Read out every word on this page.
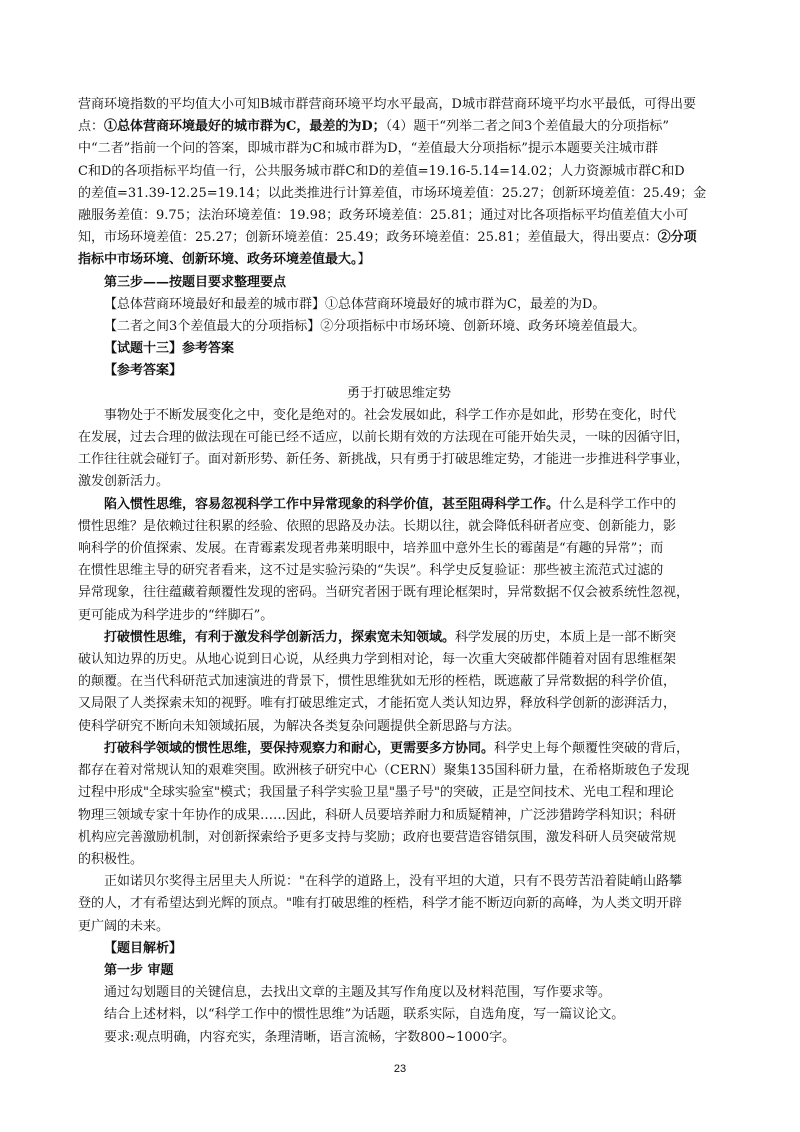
营商环境指数的平均值大小可知B城市群营商环境平均水平最高，D城市群营商环境平均水平最低，可得出要
点：①总体营商环境最好的城市群为C，最差的为D；（4）题干“列举二者之间3个差值最大的分项指标”
中“二者”指前一个问的答案，即城市群为C和城市群为D，“差值最大分项指标”提示本题要关注城市群
C和D的各项指标平均值一行，公共服务城市群C和D的差值=19.16-5.14=14.02；人力资源城市群C和D
的差值=31.39-12.25=19.14；以此类推进行计算差值，市场环境差值：25.27；创新环境差值：25.49；金
融服务差值：9.75；法治环境差值：19.98；政务环境差值：25.81；通过对比各项指标平均值差值大小可
知，市场环境差值：25.27；创新环境差值：25.49；政务环境差值：25.81；差值最大，得出要点：②分项
指标中市场环境、创新环境、政务环境差值最大。】
第三步——按题目要求整理要点
【总体营商环境最好和最差的城市群】①总体营商环境最好的城市群为C，最差的为D。
【二者之间3个差值最大的分项指标】②分项指标中市场环境、创新环境、政务环境差值最大。
【试题十三】参考答案
【参考答案】
勇于打破思维定势
事物处于不断发展变化之中，变化是绝对的。社会发展如此，科学工作亦是如此，形势在变化，时代
在发展，过去合理的做法现在可能已经不适应，以前长期有效的方法现在可能开始失灵，一味的因循守旧，
工作往往就会碰钉子。面对新形势、新任务、新挑战，只有勇于打破思维定势，才能进一步推进科学事业，
激发创新活力。
陷入惯性思维，容易忽视科学工作中异常现象的科学价值，甚至阻碍科学工作。什么是科学工作中的
惯性思维？是依赖过往积累的经验、依照的思路及办法。长期以往，就会降低科研者应变、创新能力，影
响科学的价值探索、发展。在青霉素发现者弗莱明眼中，培养皿中意外生长的霉菌是“有趣的异常”；而
在惯性思维主导的研究者看来，这不过是实验污染的“失误”。科学史反复验证：那些被主流范式过滤的
异常现象，往往蕴藏着颠覆性发现的密码。当研究者困于既有理论框架时，异常数据不仅会被系统性忽视，
更可能成为科学进步的“绊脚石”。
打破惯性思维，有利于激发科学创新活力，探索宽未知领域。科学发展的历史，本质上是一部不断突
破认知边界的历史。从地心说到日心说，从经典力学到相对论，每一次重大突破都伴随着对固有思维框架
的颠覆。在当代科研范式加速演进的背景下，惯性思维犹如无形的桎梏，既遮蔽了异常数据的科学价值，
又局限了人类探索未知的视野。唯有打破思维定式，才能拓宽人类认知边界，释放科学创新的澎湃活力，
使科学研究不断向未知领域拓展，为解决各类复杂问题提供全新思路与方法。
打破科学领域的惯性思维，要保持观察力和耐心，更需要多方协同。科学史上每个颠覆性突破的背后，
都存在着对常规认知的艰难突围。欧洲核子研究中心（CERN）聚集135国科研力量，在希格斯玻色子发现
过程中形成"全球实验室"模式；我国量子科学实验卫星"墨子号"的突破，正是空间技术、光电工程和理论
物理三领域专家十年协作的成果……因此，科研人员要培养耐力和质疑精神，广泛涉猎跨学科知识；科研
机构应完善激励机制，对创新探索给予更多支持与奖励；政府也要营造容错氛围，激发科研人员突破常规
的积极性。
正如诺贝尔奖得主居里夫人所说："在科学的道路上，没有平坦的大道，只有不畏劳苦沿着陡峭山路攀
登的人，才有希望达到光辉的顶点。"唯有打破思维的桎梏，科学才能不断迈向新的高峰，为人类文明开辟
更广阔的未来。
【题目解析】
第一步 审题
通过勾划题目的关键信息，去找出文章的主题及其写作角度以及材料范围，写作要求等。
结合上述材料，以“科学工作中的惯性思维”为话题，联系实际，自选角度，写一篇议论文。
要求:观点明确，内容充实，条理清晰，语言流畅，字数800~1000字。
23
